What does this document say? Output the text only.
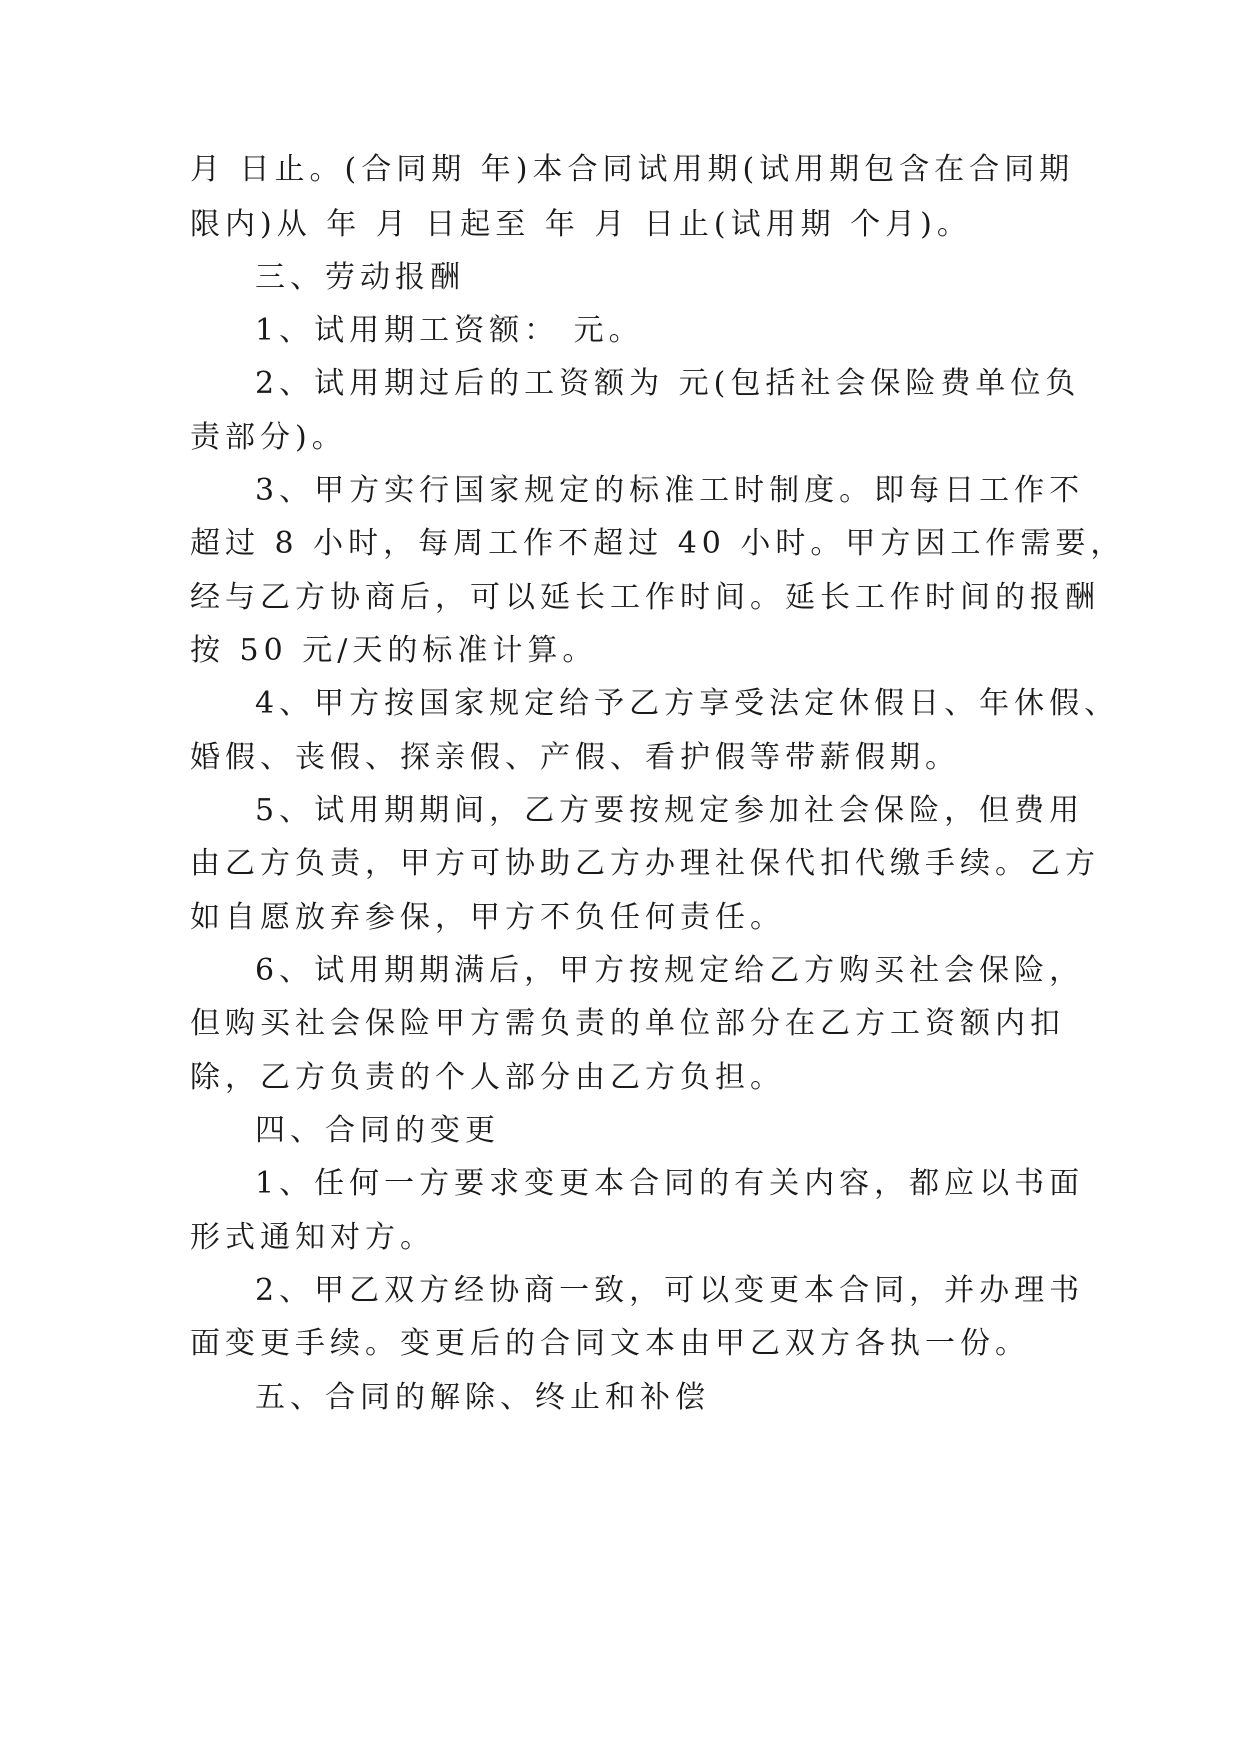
月 日止。(合同期 年)本合同试用期(试用期包含在合同期
限内)从 年 月 日起至 年 月 日止(试用期 个月)。
三、劳动报酬
1、试用期工资额： 元。
2、试用期过后的工资额为 元(包括社会保险费单位负
责部分)。
3、甲方实行国家规定的标准工时制度。即每日工作不
超过 8 小时，每周工作不超过 40 小时。甲方因工作需要，
经与乙方协商后，可以延长工作时间。延长工作时间的报酬
按 50 元/天的标准计算。
4、甲方按国家规定给予乙方享受法定休假日、年休假、
婚假、丧假、探亲假、产假、看护假等带薪假期。
5、试用期期间，乙方要按规定参加社会保险，但费用
由乙方负责，甲方可协助乙方办理社保代扣代缴手续。乙方
如自愿放弃参保，甲方不负任何责任。
6、试用期期满后，甲方按规定给乙方购买社会保险，
但购买社会保险甲方需负责的单位部分在乙方工资额内扣
除，乙方负责的个人部分由乙方负担。
四、合同的变更
1、任何一方要求变更本合同的有关内容，都应以书面
形式通知对方。
2、甲乙双方经协商一致，可以变更本合同，并办理书
面变更手续。变更后的合同文本由甲乙双方各执一份。
五、合同的解除、终止和补偿
